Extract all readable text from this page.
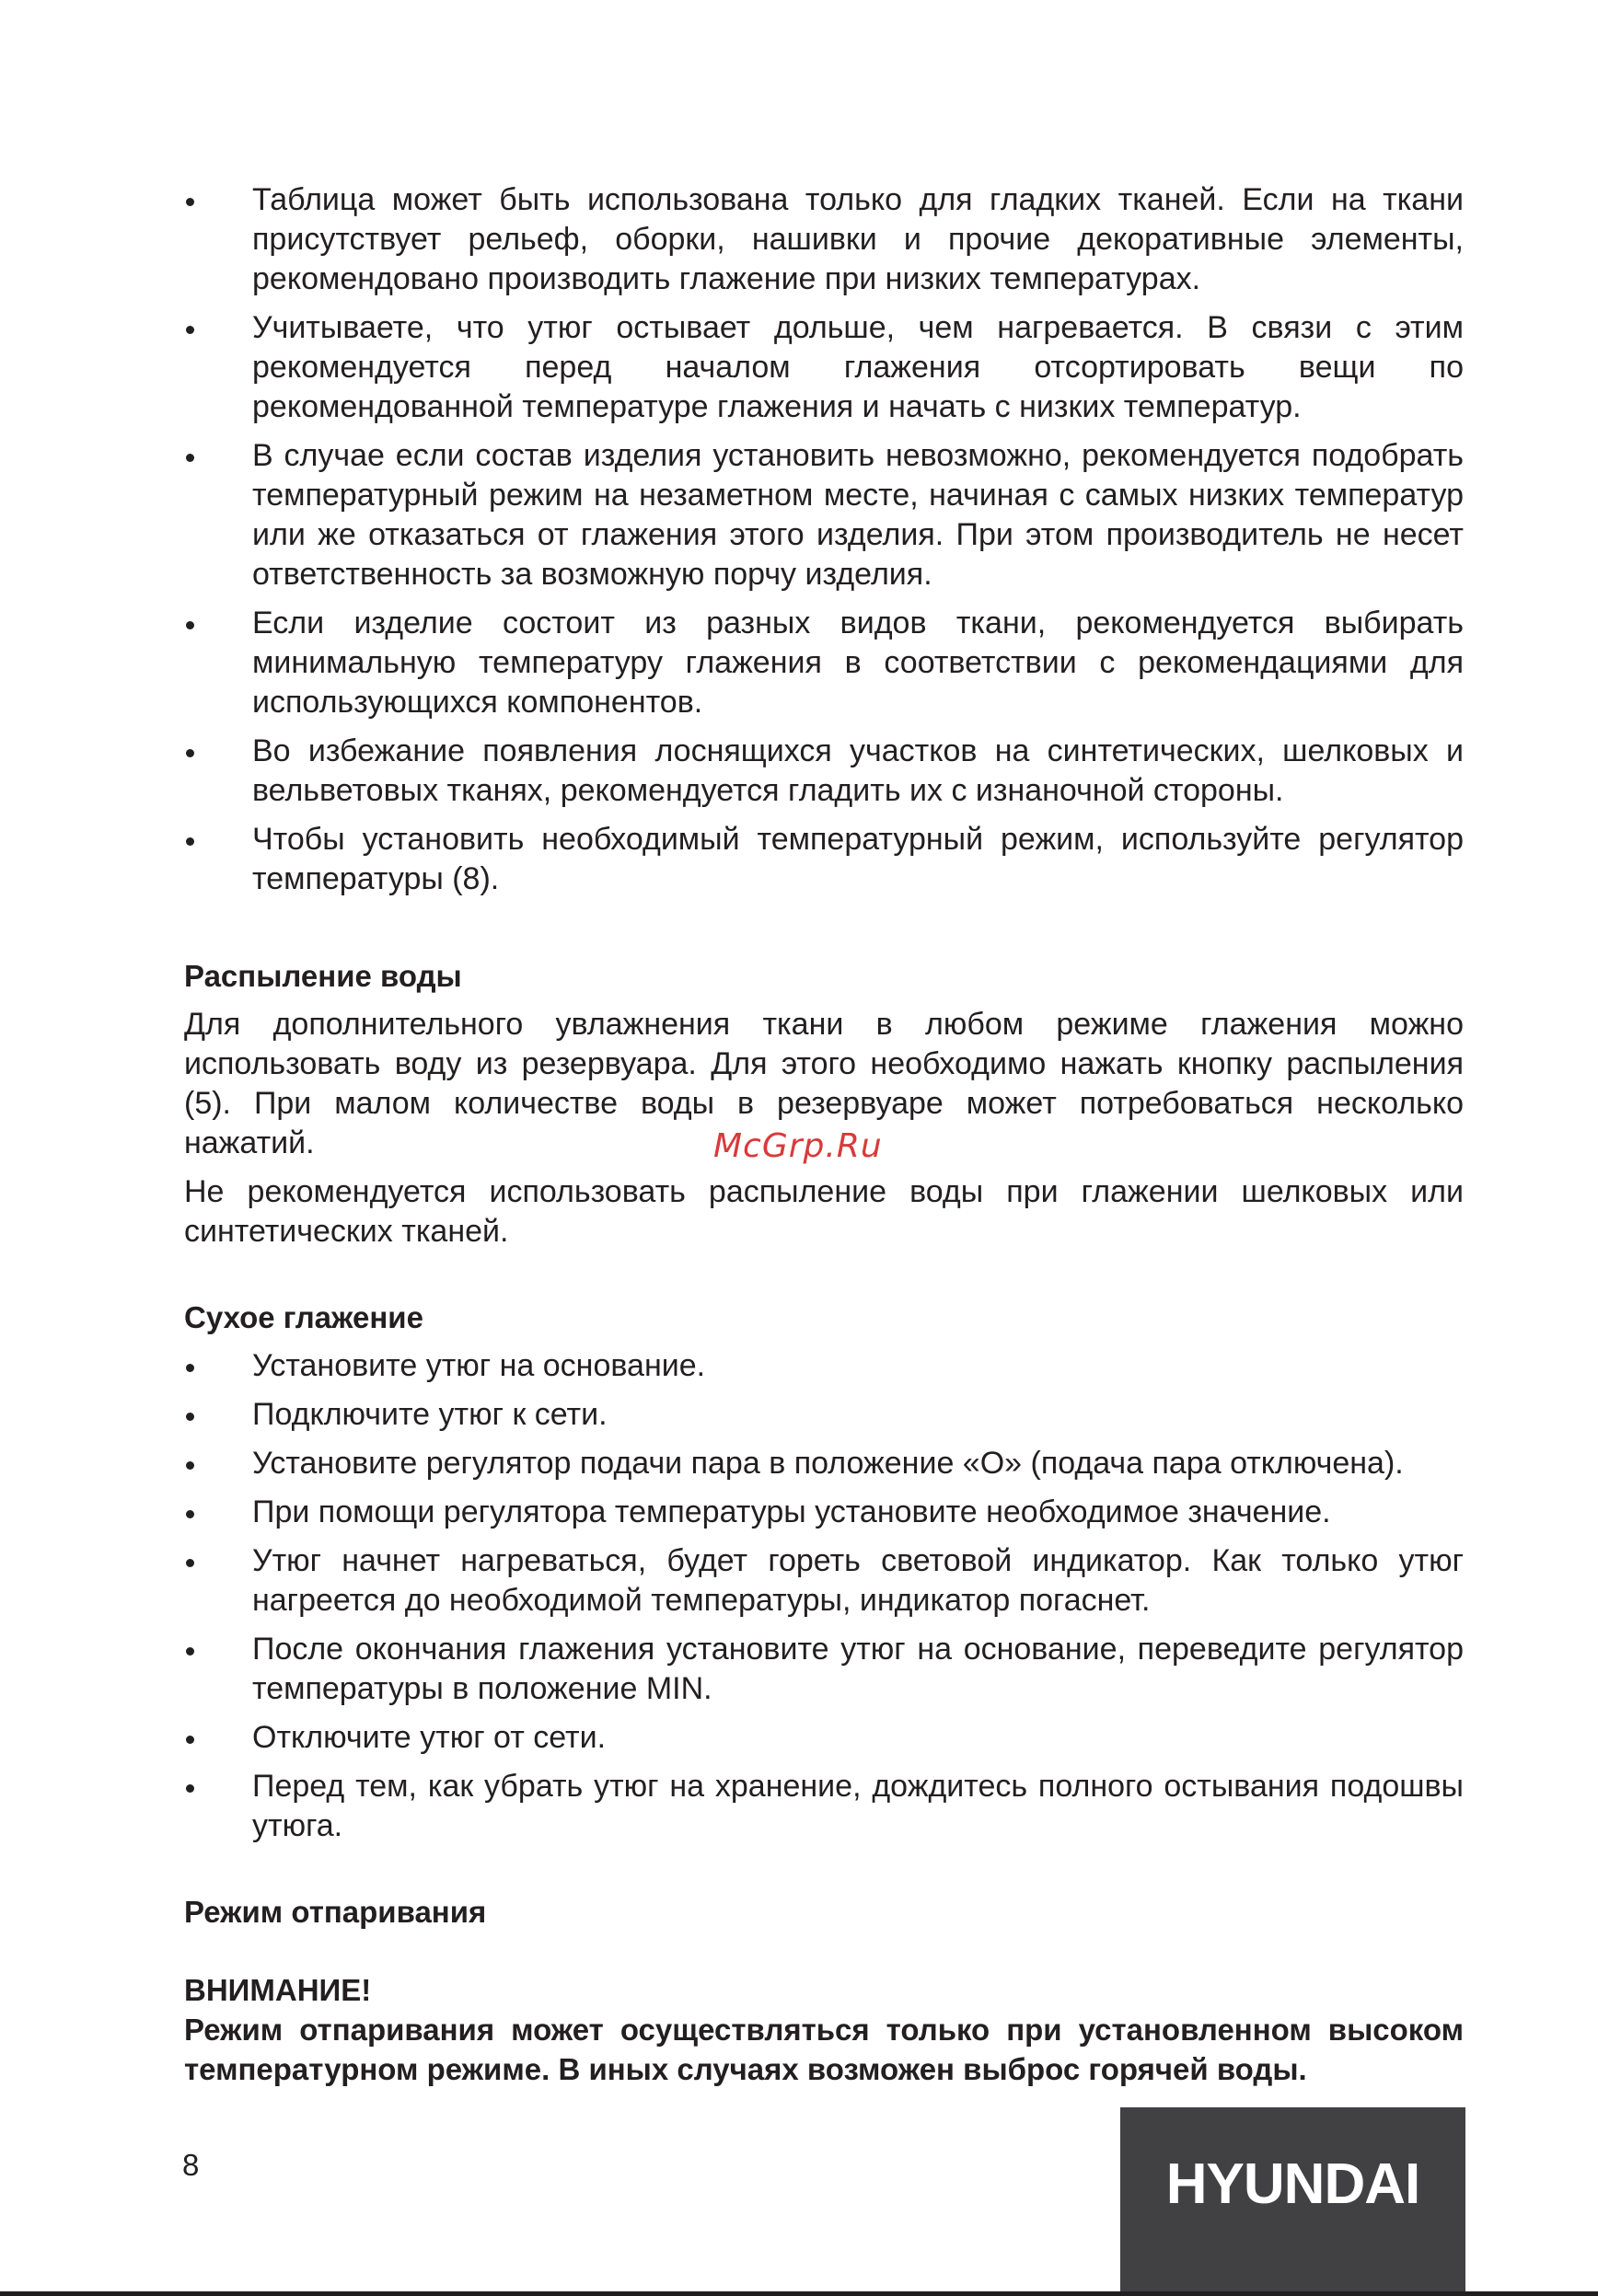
Таблица может быть использована только для гладких тканей. Если на ткани присутствует рельеф, оборки, нашивки и прочие декоративные элементы, рекомендовано производить глажение при низких температурах.
Учитываете, что утюг остывает дольше, чем нагревается. В связи с этим рекомендуется перед началом глажения отсортировать вещи по рекомендованной температуре глажения и начать с низких температур.
В случае если состав изделия установить невозможно, рекомендуется подобрать температурный режим на незаметном месте, начиная с самых низких температур или же отказаться от глажения этого изделия. При этом производитель не несет ответственность за возможную порчу изделия.
Если изделие состоит из разных видов ткани, рекомендуется выбирать минимальную температуру глажения в соответствии с рекомендациями для использующихся компонентов.
Во избежание появления лоснящихся участков на синтетических, шелковых и вельветовых тканях, рекомендуется гладить их с изнаночной стороны.
Чтобы установить необходимый температурный режим, используйте регулятор температуры (8).
Распыление воды

Для дополнительного увлажнения ткани в любом режиме глажения можно использовать воду из резервуара. Для этого необходимо нажать кнопку распыления (5). При малом количестве воды в резервуаре может потребоваться несколько нажатий.

Не рекомендуется использовать распыление воды при глажении шелковых или синтетических тканей.

Сухое глажение
Установите утюг на основание.
Подключите утюг к сети.
Установите регулятор подачи пара в положение «О» (подача пара отключена).
При помощи регулятора температуры установите необходимое значение.
Утюг начнет нагреваться, будет гореть световой индикатор. Как только утюг нагреется до необходимой температуры, индикатор погаснет.
После окончания глажения установите утюг на основание, переведите регулятор температуры в положение MIN.
Отключите утюг от сети.
Перед тем, как убрать утюг на хранение, дождитесь полного остывания подошвы утюга.
Режим отпаривания
ВНИМАНИЕ!
Режим отпаривания может осуществляться только при установленном высоком температурном режиме. В иных случаях возможен выброс горячей воды.
McGrp.Ru
8	HYUNDAI
